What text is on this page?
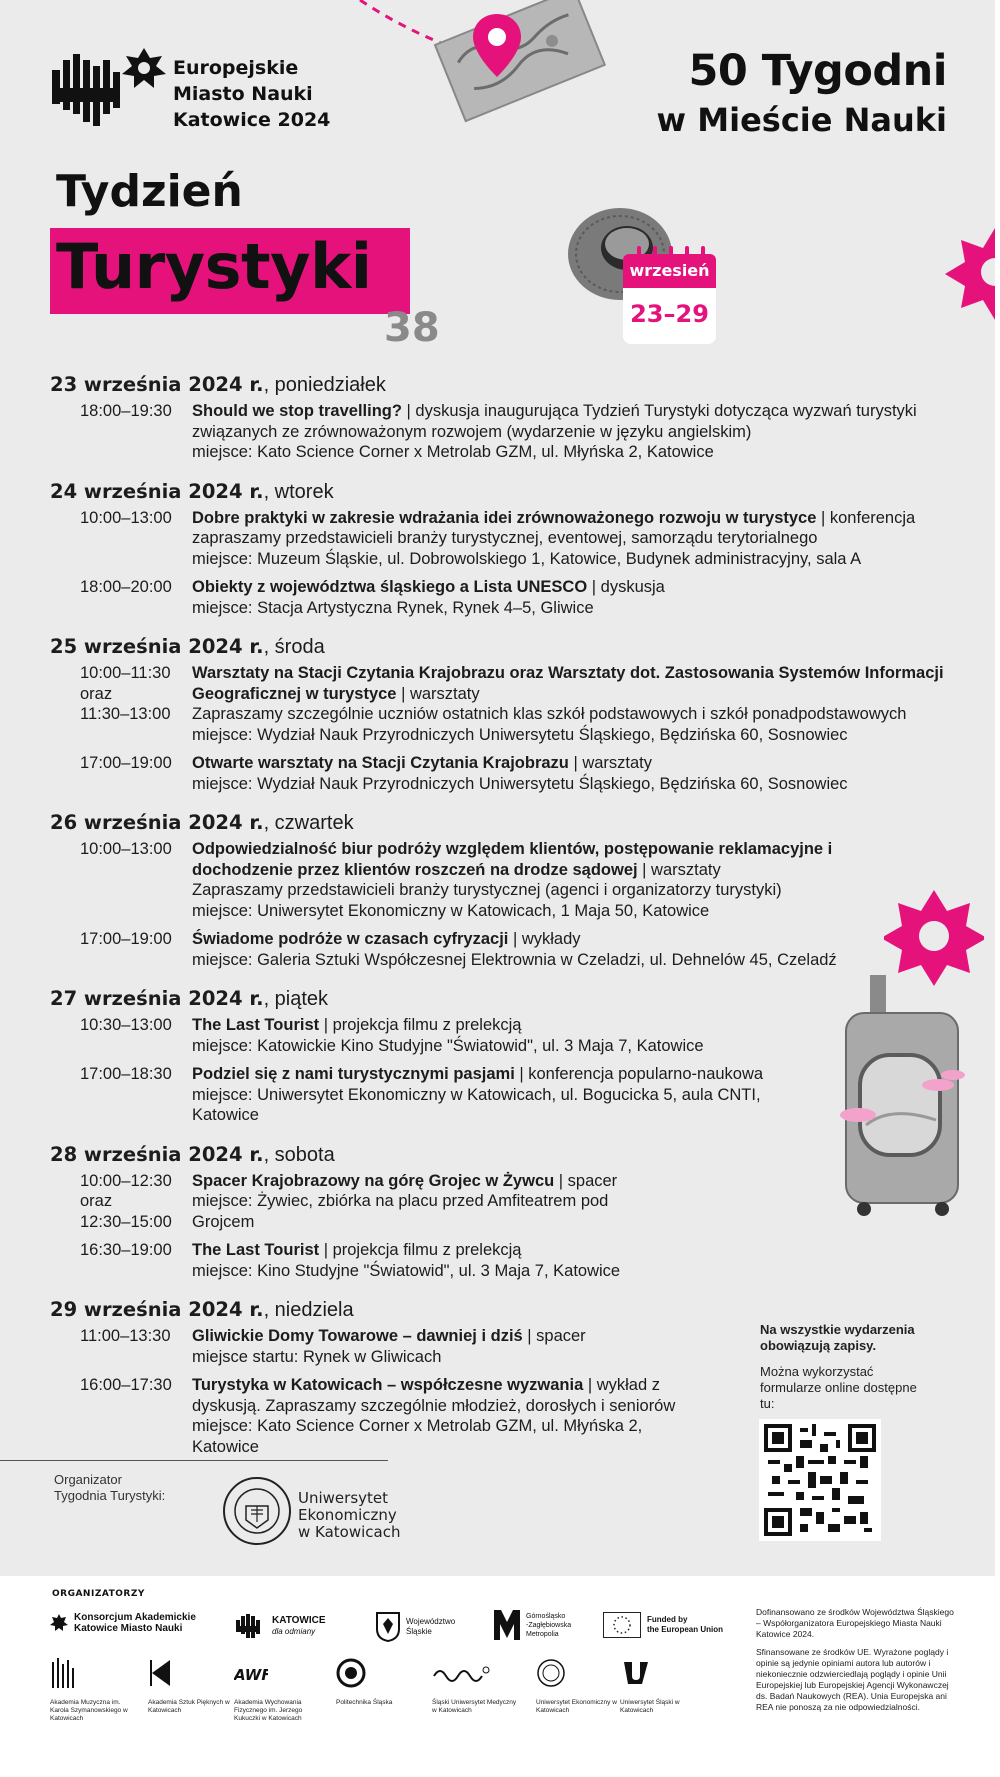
Europejskie
Miasto Nauki
Katowice 2024
50 Tygodni
w Mieście Nauki
Tydzień
Turystyki
38
wrzesień
23–29
23 września 2024 r., poniedziałek
18:00–19:30	Should we stop travelling? | dyskusja inaugurująca Tydzień Turystyki dotycząca wyzwań turystyki związanych ze zrównoważonym rozwojem (wydarzenie w języku angielskim)
miejsce: Kato Science Corner x Metrolab GZM, ul. Młyńska 2, Katowice
24 września 2024 r., wtorek
10:00–13:00	Dobre praktyki w zakresie wdrażania idei zrównoważonego rozwoju w turystyce | konferencja
zapraszamy przedstawicieli branży turystycznej, eventowej, samorządu terytorialnego
miejsce: Muzeum Śląskie, ul. Dobrowolskiego 1, Katowice, Budynek administracyjny, sala A
18:00–20:00	Obiekty z województwa śląskiego a Lista UNESCO | dyskusja
miejsce: Stacja Artystyczna Rynek, Rynek 4–5, Gliwice
25 września 2024 r., środa
10:00–11:30
oraz
11:30–13:00
Warsztaty na Stacji Czytania Krajobrazu oraz Warsztaty dot. Zastosowania Systemów Informacji Geograficznej w turystyce | warsztaty
Zapraszamy szczególnie uczniów ostatnich klas szkół podstawowych i szkół ponadpodstawowych
miejsce: Wydział Nauk Przyrodniczych Uniwersytetu Śląskiego, Będzińska 60, Sosnowiec
17:00–19:00	Otwarte warsztaty na Stacji Czytania Krajobrazu | warsztaty
miejsce: Wydział Nauk Przyrodniczych Uniwersytetu Śląskiego, Będzińska 60, Sosnowiec
26 września 2024 r., czwartek
10:00–13:00	Odpowiedzialność biur podróży względem klientów, postępowanie reklamacyjne i dochodzenie przez klientów roszczeń na drodze sądowej | warsztaty
Zapraszamy przedstawicieli branży turystycznej (agenci i organizatorzy turystyki)
miejsce: Uniwersytet Ekonomiczny w Katowicach, 1 Maja 50, Katowice
17:00–19:00	Świadome podróże w czasach cyfryzacji | wykłady
miejsce: Galeria Sztuki Współczesnej Elektrownia w Czeladzi, ul. Dehnelów 45, Czeladź
27 września 2024 r., piątek
10:30–13:00	The Last Tourist | projekcja filmu z prelekcją
miejsce: Katowickie Kino Studyjne "Światowid", ul. 3 Maja 7, Katowice
17:00–18:30	Podziel się z nami turystycznymi pasjami | konferencja popularno-naukowa
miejsce: Uniwersytet Ekonomiczny w Katowicach, ul. Bogucicka 5, aula CNTI, Katowice
28 września 2024 r., sobota
10:00–12:30
oraz
12:30–15:00
Spacer Krajobrazowy na górę Grojec w Żywcu | spacer
miejsce: Żywiec, zbiórka na placu przed Amfiteatrem pod Grojcem
16:30–19:00	The Last Tourist | projekcja filmu z prelekcją
miejsce: Kino Studyjne "Światowid", ul. 3 Maja 7, Katowice
29 września 2024 r., niedziela
11:00–13:30	Gliwickie Domy Towarowe – dawniej i dziś | spacer
miejsce startu: Rynek w Gliwicach
16:00–17:30	Turystyka w Katowicach – współczesne wyzwania | wykład z dyskusją. Zapraszamy szczególnie młodzież, dorosłych i seniorów
miejsce: Kato Science Corner x Metrolab GZM, ul. Młyńska 2, Katowice
Na wszystkie wydarzenia obowiązują zapisy.
Można wykorzystać formularze online dostępne tu:
Organizator
Tygodnia Turystyki:	Uniwersytet
Ekonomiczny
w Katowicach
ORGANIZATORZY
Konsorcjum Akademickie
Katowice Miasto Nauki
KATOWICE
dla odmiany
Województwo
Śląskie
Górnośląsko
-Zagłębiowska Metropolia
Funded by
the European Union
Akademia Muzyczna im. Karola Szymanowskiego w Katowicach
Akademia Sztuk Pięknych w Katowicach
AWF
Akademia Wychowania Fizycznego im. Jerzego Kukuczki w Katowicach
Politechnika Śląska	Śląski Uniwersytet Medyczny w Katowicach
Uniwersytet Ekonomiczny w Katowicach
Uniwersytet Śląski w Katowicach

Dofinansowano ze środków Województwa Śląskiego – Współorganizatora Europejskiego Miasta Nauki Katowice 2024.

Sfinansowane ze środków UE. Wyrażone poglądy i opinie są jedynie opiniami autora lub autorów i niekoniecznie odzwierciedlają poglądy i opinie Unii Europejskiej lub Europejskiej Agencji Wykonawczej ds. Badań Naukowych (REA). Unia Europejska ani REA nie ponoszą za nie odpowiedzialności.
